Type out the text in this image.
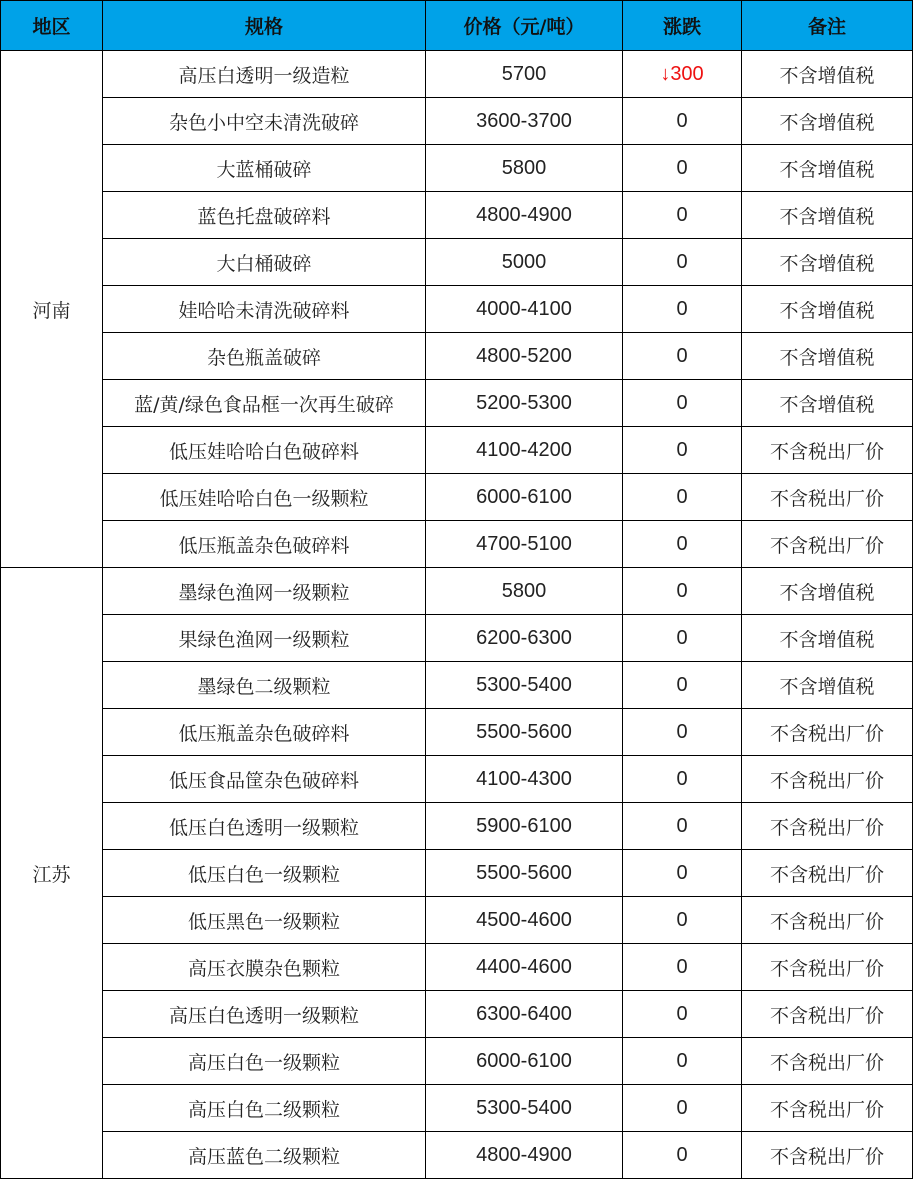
地区	规格	价格（元/吨）	涨跌	备注
河南	高压白透明一级造粒	5700	↓300	不含增值税
	杂色小中空未清洗破碎	3600-3700	0	不含增值税
	大蓝桶破碎	5800	0	不含增值税
	蓝色托盘破碎料	4800-4900	0	不含增值税
	大白桶破碎	5000	0	不含增值税
	娃哈哈未清洗破碎料	4000-4100	0	不含增值税
	杂色瓶盖破碎	4800-5200	0	不含增值税
	蓝/黄/绿色食品框一次再生破碎	5200-5300	0	不含增值税
	低压娃哈哈白色破碎料	4100-4200	0	不含税出厂价
	低压娃哈哈白色一级颗粒	6000-6100	0	不含税出厂价
	低压瓶盖杂色破碎料	4700-5100	0	不含税出厂价
江苏	墨绿色渔网一级颗粒	5800	0	不含增值税
	果绿色渔网一级颗粒	6200-6300	0	不含增值税
	墨绿色二级颗粒	5300-5400	0	不含增值税
	低压瓶盖杂色破碎料	5500-5600	0	不含税出厂价
	低压食品筐杂色破碎料	4100-4300	0	不含税出厂价
	低压白色透明一级颗粒	5900-6100	0	不含税出厂价
	低压白色一级颗粒	5500-5600	0	不含税出厂价
	低压黑色一级颗粒	4500-4600	0	不含税出厂价
	高压衣膜杂色颗粒	4400-4600	0	不含税出厂价
	高压白色透明一级颗粒	6300-6400	0	不含税出厂价
	高压白色一级颗粒	6000-6100	0	不含税出厂价
	高压白色二级颗粒	5300-5400	0	不含税出厂价
	高压蓝色二级颗粒	4800-4900	0	不含税出厂价
